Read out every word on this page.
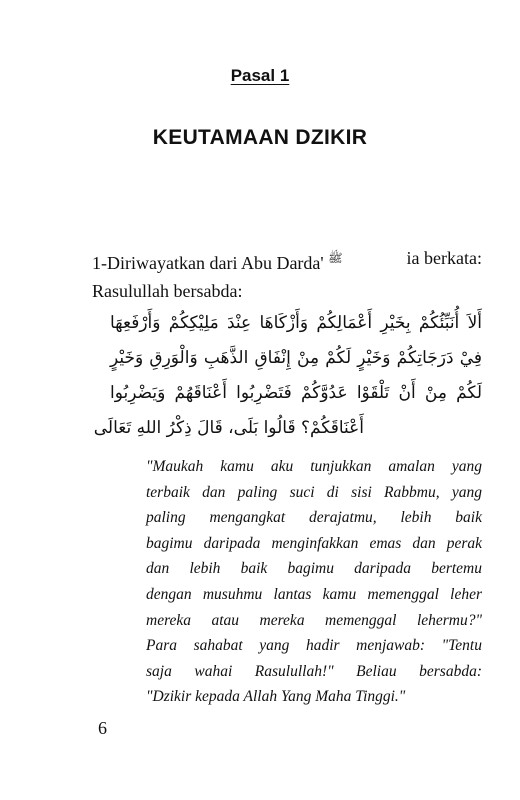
Pasal 1
KEUTAMAAN DZIKIR
1-Diriwayatkan dari Abu Darda' $^ﷺ$	ia berkata:
Rasulullah bersabda:
أَلاَ أُنَبِّئُكُمْ بِخَيْرِ أَعْمَالِكُمْ وَأَزْكَاهَا عِنْدَ مَلِيْكِكُمْ وَأَرْفَعِهَا
فِيْ دَرَجَاتِكُمْ وَخَيْرٍ لَكُمْ مِنْ إِنْفَاقِ الذَّهَبِ وَالْوَرِقِ وَخَيْرٍ
لَكُمْ مِنْ أَنْ تَلْقَوْا عَدُوَّكُمْ فَتَضْرِبُوا أَعْنَاقَهُمْ وَيَضْرِبُوا
أَعْنَاقَكُمْ؟ قَالُوا بَلَى، قَالَ ذِكْرُ اللهِ تَعَالَى
"Maukah kamu aku tunjukkan amalan yang
terbaik dan paling suci di sisi Rabbmu, yang
paling mengangkat derajatmu, lebih baik
bagimu daripada menginfakkan emas dan perak
dan lebih baik bagimu daripada bertemu
dengan musuhmu lantas kamu memenggal leher
mereka atau mereka memenggal lehermu?"
Para sahabat yang hadir menjawab: "Tentu
saja wahai Rasulullah!" Beliau bersabda:
"Dzikir kepada Allah Yang Maha Tinggi."
6
